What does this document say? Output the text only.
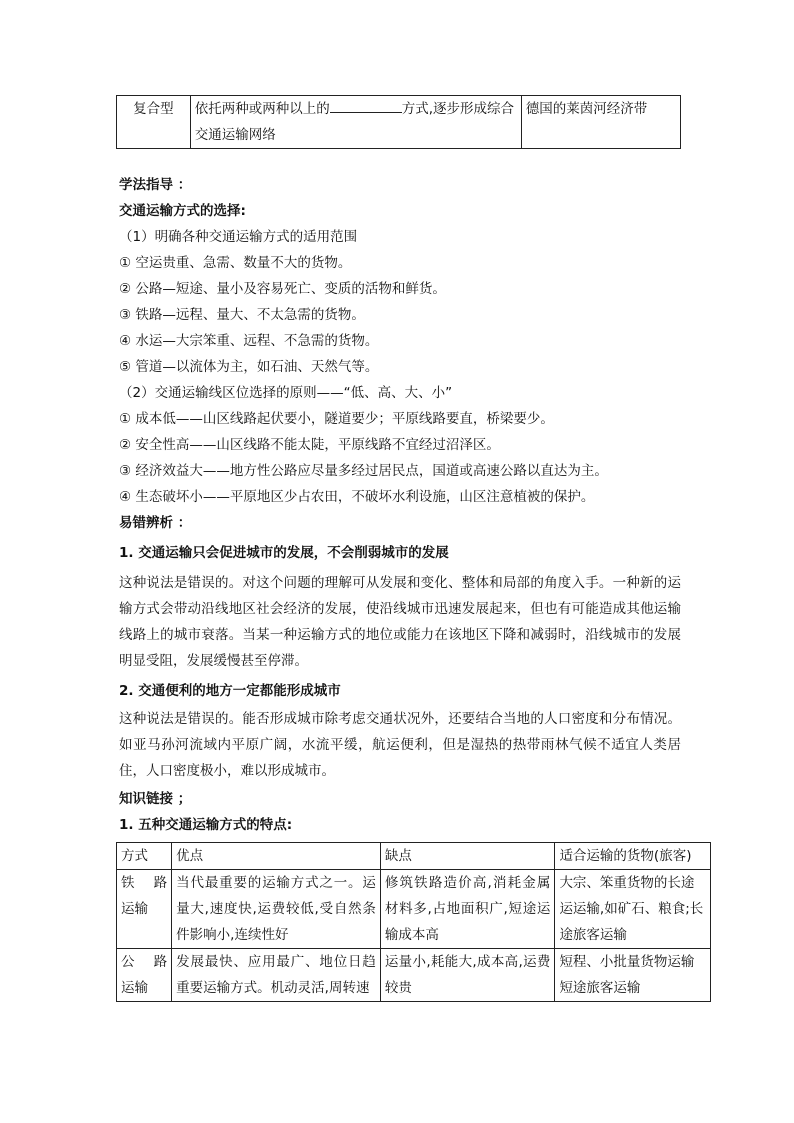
复合型	依托两种或两种以上的	方式,逐步形成综合交通运输网络	德国的莱茵河经济带
学法指导 ：
交通运输方式的选择:
（1）明确各种交通运输方式的适用范围
① 空运贵重、急需、数量不大的货物。
② 公路—短途、量小及容易死亡、变质的活物和鲜货。
③ 铁路—远程、量大、不太急需的货物。
④ 水运—大宗笨重、远程、不急需的货物。
⑤ 管道—以流体为主，如石油、天然气等。
（2）交通运输线区位选择的原则——“低、高、大、小”
① 成本低——山区线路起伏要小，隧道要少；平原线路要直，桥梁要少。
② 安全性高——山区线路不能太陡，平原线路不宜经过沼泽区。
③ 经济效益大——地方性公路应尽量多经过居民点，国道或高速公路以直达为主。
④ 生态破坏小——平原地区少占农田，不破坏水利设施，山区注意植被的保护。
易错辨析 ：
1. 交通运输只会促进城市的发展，不会削弱城市的发展
这种说法是错误的。对这个问题的理解可从发展和变化、整体和局部的角度入手。一种新的运输方式会带动沿线地区社会经济的发展，使沿线城市迅速发展起来，但也有可能造成其他运输线路上的城市衰落。当某一种运输方式的地位或能力在该地区下降和减弱时，沿线城市的发展明显受阻，发展缓慢甚至停滞。
2. 交通便利的地方一定都能形成城市
这种说法是错误的。能否形成城市除考虑交通状况外，还要结合当地的人口密度和分布情况。如亚马孙河流域内平原广阔，水流平缓，航运便利，但是湿热的热带雨林气候不适宜人类居住，人口密度极小，难以形成城市。
知识链接 ；
1. 五种交通运输方式的特点:
方式	优点	缺点	适合运输的货物(旅客)
铁 路 运输	当代最重要的运输方式之一。运量大,速度快,运费较低,受自然条件影响小,连续性好	修筑铁路造价高,消耗金属材料多,占地面积广,短途运输成本高	大宗、笨重货物的长途运运输,如矿石、粮食;长途旅客运输
公 路 运输	发展最快、应用最广、地位日趋重要运输方式。机动灵活,周转速	运量小,耗能大,成本高,运费较贵	短程、小批量货物运输短途旅客运输
